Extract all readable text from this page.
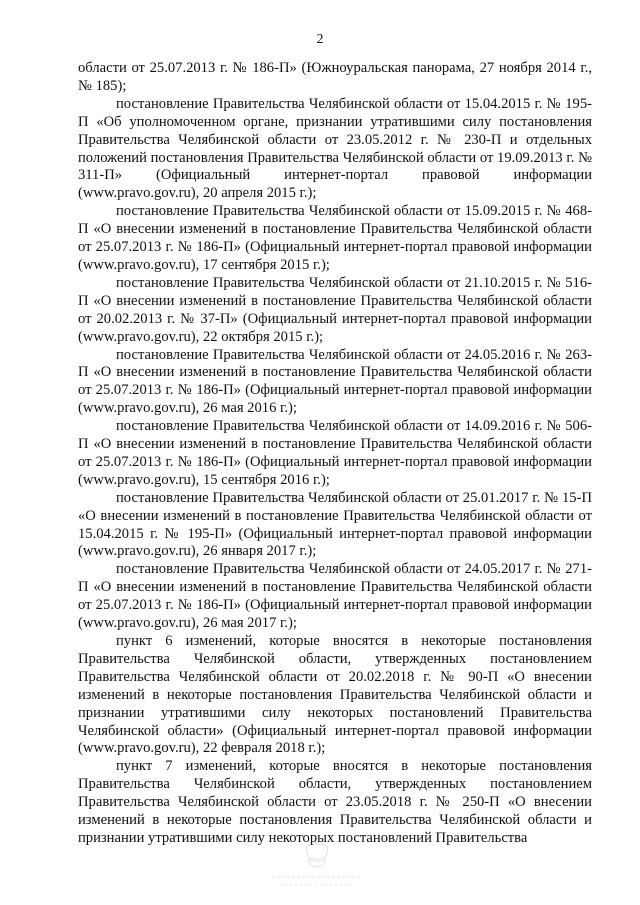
2

области от 25.07.2013 г. № 186-П» (Южноуральская панорама, 27 ноября 2014 г., № 185);

постановление Правительства Челябинской области от 15.04.2015 г. № 195-П «Об уполномоченном органе, признании утратившими силу постановления Правительства Челябинской области от 23.05.2012 г. № 230-П и отдельных положений постановления Правительства Челябинской области от 19.09.2013 г. № 311-П» (Официальный интернет-портал правовой информации (www.pravo.gov.ru), 20 апреля 2015 г.);

постановление Правительства Челябинской области от 15.09.2015 г. № 468-П «О внесении изменений в постановление Правительства Челябинской области от 25.07.2013 г. № 186-П» (Официальный интернет-портал правовой информации (www.pravo.gov.ru), 17 сентября 2015 г.);

постановление Правительства Челябинской области от 21.10.2015 г. № 516-П «О внесении изменений в постановление Правительства Челябинской области от 20.02.2013 г. № 37-П» (Официальный интернет-портал правовой информации (www.pravo.gov.ru), 22 октября 2015 г.);

постановление Правительства Челябинской области от 24.05.2016 г. № 263-П «О внесении изменений в постановление Правительства Челябинской области от 25.07.2013 г. № 186-П» (Официальный интернет-портал правовой информации (www.pravo.gov.ru), 26 мая 2016 г.);

постановление Правительства Челябинской области от 14.09.2016 г. № 506-П «О внесении изменений в постановление Правительства Челябинской области от 25.07.2013 г. № 186-П» (Официальный интернет-портал правовой информации (www.pravo.gov.ru), 15 сентября 2016 г.);

постановление Правительства Челябинской области от 25.01.2017 г. № 15-П «О внесении изменений в постановление Правительства Челябинской области от 15.04.2015 г. № 195-П» (Официальный интернет-портал правовой информации (www.pravo.gov.ru), 26 января 2017 г.);

постановление Правительства Челябинской области от 24.05.2017 г. № 271-П «О внесении изменений в постановление Правительства Челябинской области от 25.07.2013 г. № 186-П» (Официальный интернет-портал правовой информации (www.pravo.gov.ru), 26 мая 2017 г.);

пункт 6 изменений, которые вносятся в некоторые постановления Правительства Челябинской области, утвержденных постановлением Правительства Челябинской области от 20.02.2018 г. № 90-П «О внесении изменений в некоторые постановления Правительства Челябинской области и признании утратившими силу некоторых постановлений Правительства Челябинской области» (Официальный интернет-портал правовой информации (www.pravo.gov.ru), 22 февраля 2018 г.);

пункт 7 изменений, которые вносятся в некоторые постановления Правительства Челябинской области, утвержденных постановлением Правительства Челябинской области от 23.05.2018 г. № 250-П «О внесении изменений в некоторые постановления Правительства Челябинской области и признании утратившими силу некоторых постановлений Правительства
